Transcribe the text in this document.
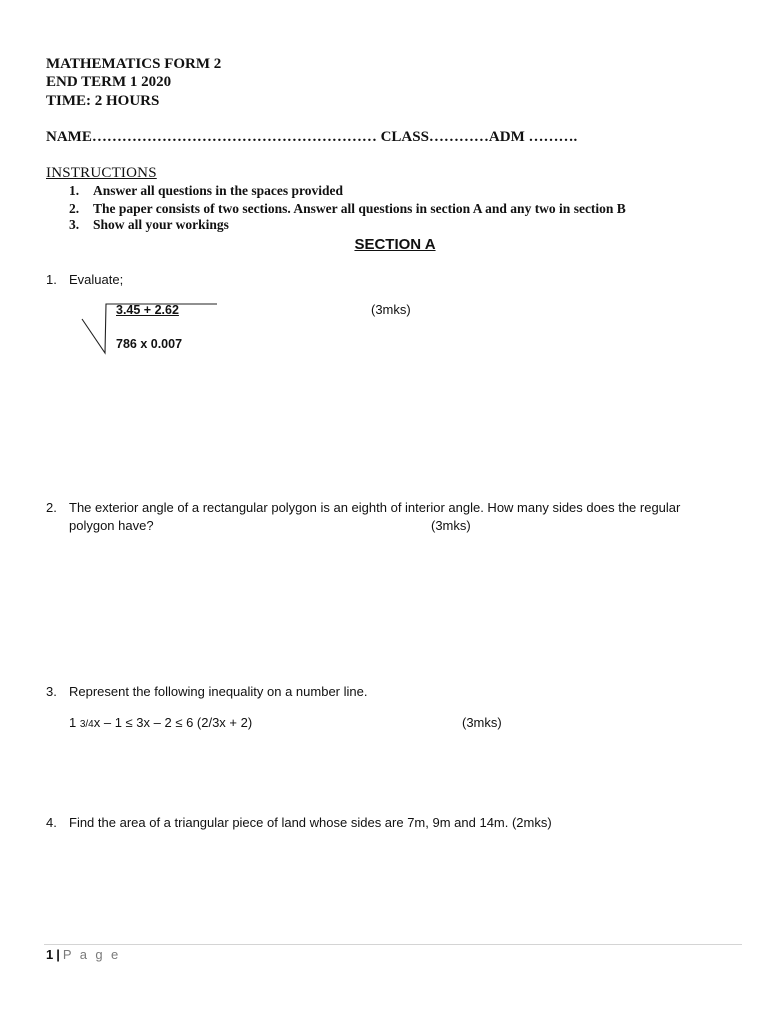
MATHEMATICS FORM 2
END TERM 1 2020
TIME: 2 HOURS
NAME………………………………………………… CLASS…………ADM ……….
INSTRUCTIONS
1. Answer all questions in the spaces provided
2. The paper consists of two sections. Answer all questions in section A and any two in section B
3. Show all your workings
SECTION A
1. Evaluate;
3.45 + 2.62
786 x 0.007
(3mks)
2. The exterior angle of a rectangular polygon is an eighth of interior angle. How many sides does the regular
polygon have?	(3mks)
3. Represent the following inequality on a number line.
1 3/4x – 1 ≤ 3x – 2 ≤ 6 (2/3x + 2)	(3mks)
4. Find the area of a triangular piece of land whose sides are 7m, 9m and 14m. (2mks)
1 | P a g e
